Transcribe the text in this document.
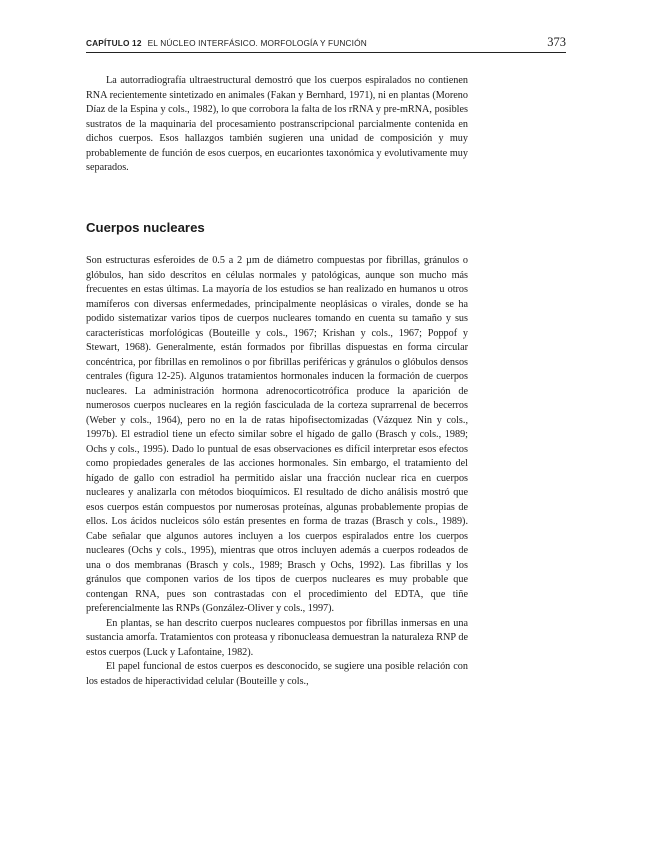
CAPÍTULO 12 EL NÚCLEO INTERFÁSICO. MORFOLOGÍA Y FUNCIÓN	373

La autorradiografía ultraestructural demostró que los cuerpos espiralados no contienen RNA recientemente sintetizado en animales (Fakan y Bernhard, 1971), ni en plantas (Moreno Díaz de la Espina y cols., 1982), lo que corrobora la falta de los rRNA y pre-mRNA, posibles sustratos de la maquinaria del procesamiento postranscripcional parcialmente contenida en dichos cuerpos. Esos hallazgos también sugieren una unidad de composición y muy probablemente de función de esos cuerpos, en eucariontes taxonómica y evolutivamente muy separados.

Cuerpos nucleares

Son estructuras esferoides de 0.5 a 2 µm de diámetro compuestas por fibrillas, gránulos o glóbulos, han sido descritos en células normales y patológicas, aunque son mucho más frecuentes en estas últimas. La mayoría de los estudios se han realizado en humanos u otros mamíferos con diversas enfermedades, principalmente neoplásicas o virales, donde se ha podido sistematizar varios tipos de cuerpos nucleares tomando en cuenta su tamaño y sus características morfológicas (Bouteille y cols., 1967; Krishan y cols., 1967; Poppof y Stewart, 1968). Generalmente, están formados por fibrillas dispuestas en forma circular concéntrica, por fibrillas en remolinos o por fibrillas periféricas y gránulos o glóbulos densos centrales (figura 12-25). Algunos tratamientos hormonales inducen la formación de cuerpos nucleares. La administración hormona adrenocorticotrófica produce la aparición de numerosos cuerpos nucleares en la región fasciculada de la corteza suprarrenal de becerros (Weber y cols., 1964), pero no en la de ratas hipofisectomizadas (Vázquez Nin y cols., 1997b). El estradiol tiene un efecto similar sobre el hígado de gallo (Brasch y cols., 1989; Ochs y cols., 1995). Dado lo puntual de esas observaciones es difícil interpretar esos efectos como propiedades generales de las acciones hormonales. Sin embargo, el tratamiento del hígado de gallo con estradiol ha permitido aislar una fracción nuclear rica en cuerpos nucleares y analizarla con métodos bioquímicos. El resultado de dicho análisis mostró que esos cuerpos están compuestos por numerosas proteínas, algunas probablemente propias de ellos. Los ácidos nucleicos sólo están presentes en forma de trazas (Brasch y cols., 1989). Cabe señalar que algunos autores incluyen a los cuerpos espiralados entre los cuerpos nucleares (Ochs y cols., 1995), mientras que otros incluyen además a cuerpos rodeados de una o dos membranas (Brasch y cols., 1989; Brasch y Ochs, 1992). Las fibrillas y los gránulos que componen varios de los tipos de cuerpos nucleares es muy probable que contengan RNA, pues son contrastadas con el procedimiento del EDTA, que tiñe preferencialmente las RNPs (González-Oliver y cols., 1997).

En plantas, se han descrito cuerpos nucleares compuestos por fibrillas inmersas en una sustancia amorfa. Tratamientos con proteasa y ribonucleasa demuestran la naturaleza RNP de estos cuerpos (Luck y Lafontaine, 1982).

El papel funcional de estos cuerpos es desconocido, se sugiere una posible relación con los estados de hiperactividad celular (Bouteille y cols.,
